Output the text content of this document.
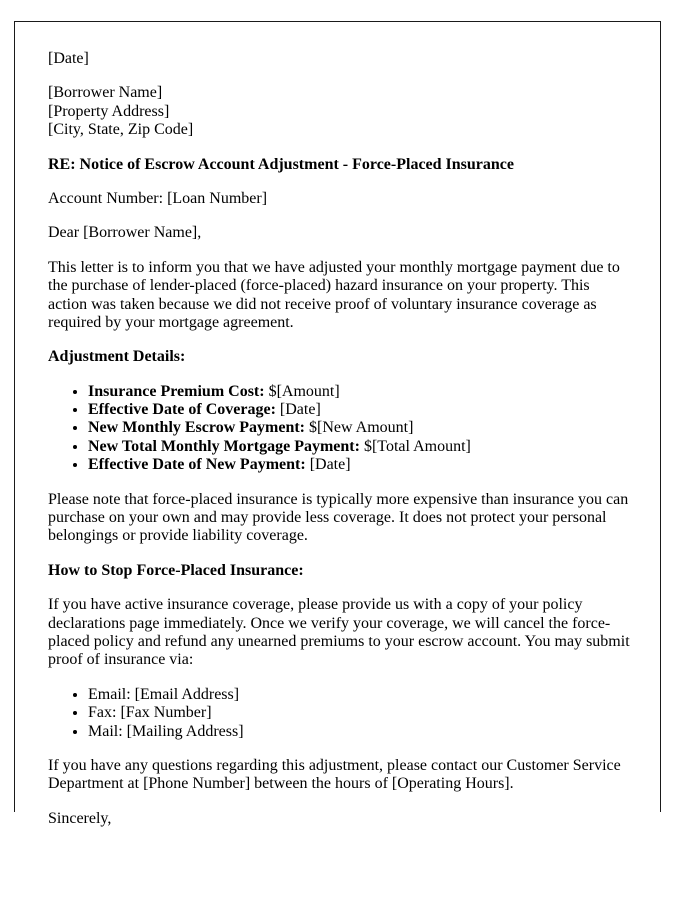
[Date]

[Borrower Name]
[Property Address]
[City, State, Zip Code]

RE: Notice of Escrow Account Adjustment - Force-Placed Insurance

Account Number: [Loan Number]

Dear [Borrower Name],

This letter is to inform you that we have adjusted your monthly mortgage payment due to the purchase of lender-placed (force-placed) hazard insurance on your property. This action was taken because we did not receive proof of voluntary insurance coverage as required by your mortgage agreement.

Adjustment Details:

• Insurance Premium Cost: $[Amount]
• Effective Date of Coverage: [Date]
• New Monthly Escrow Payment: $[New Amount]
• New Total Monthly Mortgage Payment: $[Total Amount]
• Effective Date of New Payment: [Date]

Please note that force-placed insurance is typically more expensive than insurance you can purchase on your own and may provide less coverage. It does not protect your personal belongings or provide liability coverage.

How to Stop Force-Placed Insurance:

If you have active insurance coverage, please provide us with a copy of your policy declarations page immediately. Once we verify your coverage, we will cancel the force-placed policy and refund any unearned premiums to your escrow account. You may submit proof of insurance via:

• Email: [Email Address]
• Fax: [Fax Number]
• Mail: [Mailing Address]

If you have any questions regarding this adjustment, please contact our Customer Service Department at [Phone Number] between the hours of [Operating Hours].

Sincerely,
